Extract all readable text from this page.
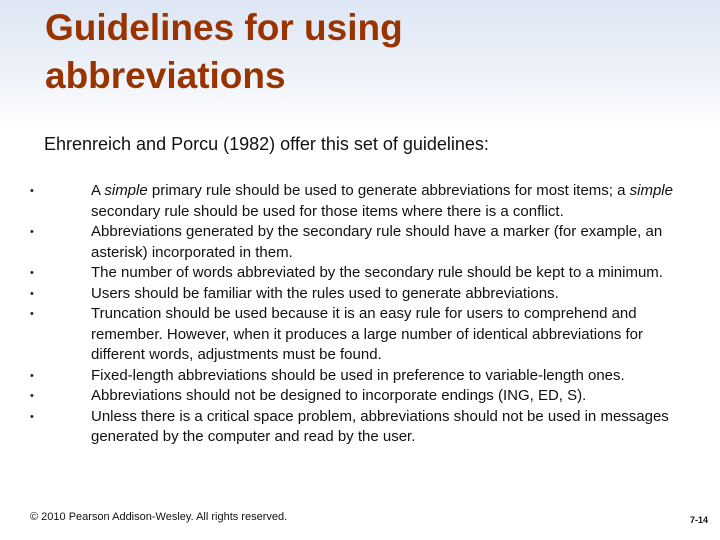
Guidelines for using
abbreviations

Ehrenreich and Porcu (1982) offer this set of guidelines:

•	A simple primary rule should be used to generate abbreviations for most items; a simple secondary rule should be used for those items where there is a conflict.
•	Abbreviations generated by the secondary rule should have a marker (for example, an asterisk) incorporated in them.
•	The number of words abbreviated by the secondary rule should be kept to a minimum.
•	Users should be familiar with the rules used to generate abbreviations.
•	Truncation should be used because it is an easy rule for users to comprehend and remember. However, when it produces a large number of identical abbreviations for different words, adjustments must be found.
•	Fixed-length abbreviations should be used in preference to variable-length ones.
•	Abbreviations should not be designed to incorporate endings (ING, ED, S).
•	Unless there is a critical space problem, abbreviations should not be used in messages generated by the computer and read by the user.
© 2010 Pearson Addison-Wesley. All rights reserved.	7-14
